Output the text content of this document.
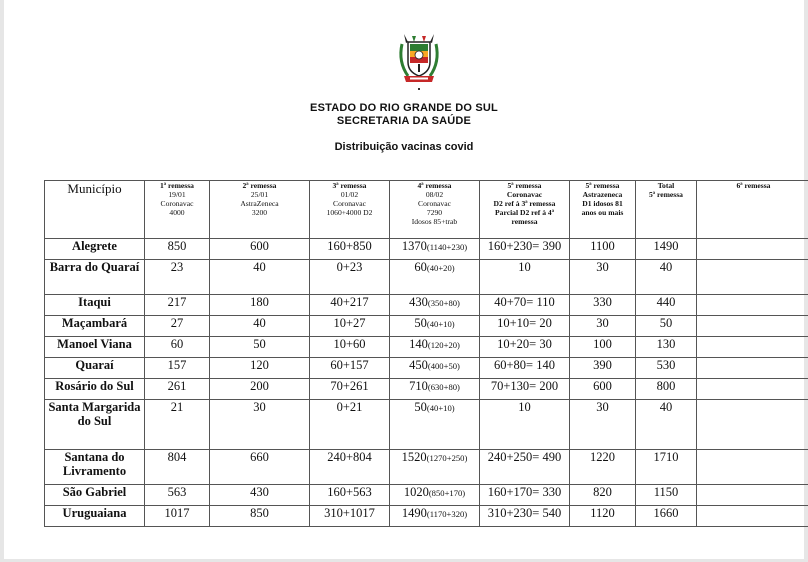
ESTADO DO RIO GRANDE DO SUL
SECRETARIA DA SAÚDE
Distribuição vacinas covid
Município	1ª remessa
19/01
Coronavac
4000	2ª remessa
25/01
AstraZeneca
3200	3ª remessa
01/02
Coronavac
1060+4000 D2	4ª remessa
08/02
Coronavac
7290
Idosos 85+trab	5ª remessa
Coronavac
D2 ref à 3ª remessa
Parcial D2 ref à 4ª
remessa	5ª remessa
Astrazeneca
D1 idosos 81
anos ou mais	Total
5ª remessa	6ª remessa

Alegrete	850	600	160+850	1370(1140+230)	160+230= 390	1100	1490	
Barra do Quaraí	23	40	0+23	60(40+20)	10	30	40	
Itaqui	217	180	40+217	430(350+80)	40+70= 110	330	440	
Maçambará	27	40	10+27	50(40+10)	10+10= 20	30	50	
Manoel Viana	60	50	10+60	140(120+20)	10+20= 30	100	130	
Quaraí	157	120	60+157	450(400+50)	60+80= 140	390	530	
Rosário do Sul	261	200	70+261	710(630+80)	70+130= 200	600	800	
Santa Margarida do Sul	21	30	0+21	50(40+10)	10	30	40	
Santana do Livramento	804	660	240+804	1520(1270+250)	240+250= 490	1220	1710	
São Gabriel	563	430	160+563	1020(850+170)	160+170= 330	820	1150	
Uruguaiana	1017	850	310+1017	1490(1170+320)	310+230= 540	1120	1660	
